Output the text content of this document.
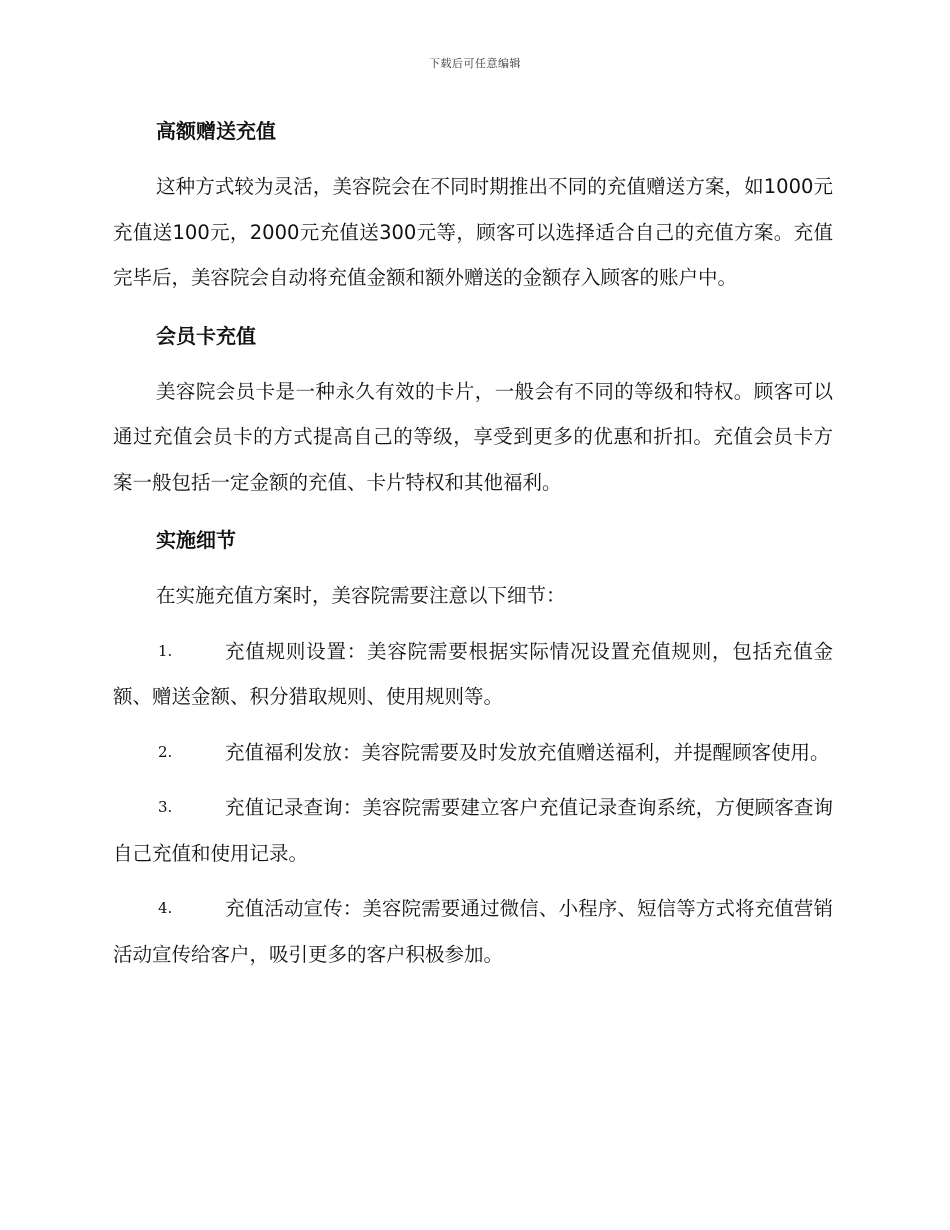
下载后可任意编辑
高额赠送充值

这种方式较为灵活，美容院会在不同时期推出不同的充值赠送方案，如1000元充值送100元，2000元充值送300元等，顾客可以选择适合自己的充值方案。充值完毕后，美容院会自动将充值金额和额外赠送的金额存入顾客的账户中。

会员卡充值

美容院会员卡是一种永久有效的卡片，一般会有不同的等级和特权。顾客可以通过充值会员卡的方式提高自己的等级，享受到更多的优惠和折扣。充值会员卡方案一般包括一定金额的充值、卡片特权和其他福利。

实施细节

在实施充值方案时，美容院需要注意以下细节：

1.	充值规则设置：美容院需要根据实际情况设置充值规则，包括充值金额、赠送金额、积分猎取规则、使用规则等。

2.	充值福利发放：美容院需要及时发放充值赠送福利，并提醒顾客使用。

3.	充值记录查询：美容院需要建立客户充值记录查询系统，方便顾客查询自己充值和使用记录。

4.	充值活动宣传：美容院需要通过微信、小程序、短信等方式将充值营销活动宣传给客户，吸引更多的客户积极参加。
